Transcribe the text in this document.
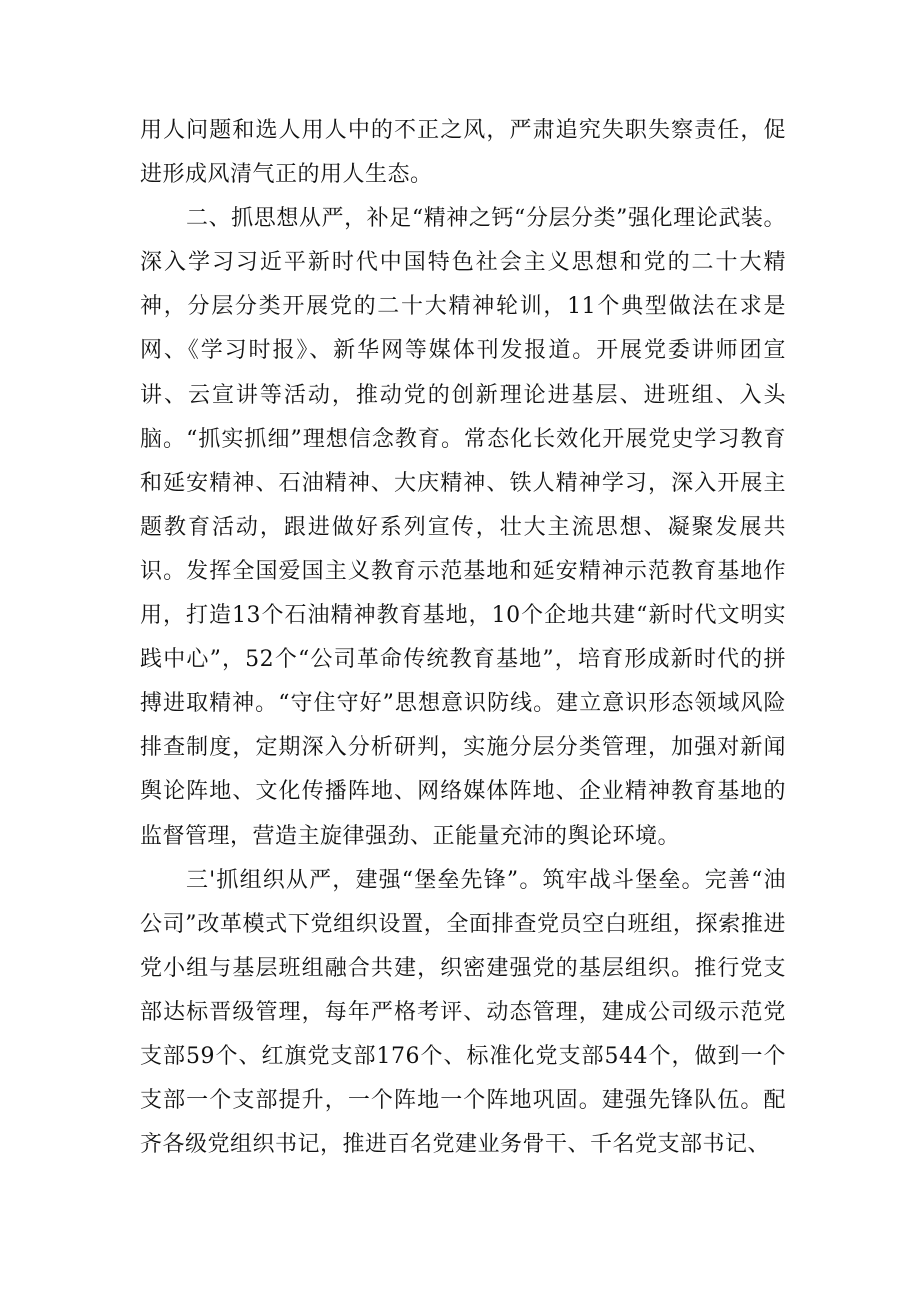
用人问题和选人用人中的不正之风，严肃追究失职失察责任，促进形成风清气正的用人生态。

二、抓思想从严，补足“精神之钙“分层分类”强化理论武装。深入学习习近平新时代中国特色社会主义思想和党的二十大精神，分层分类开展党的二十大精神轮训，11个典型做法在求是网、《学习时报》、新华网等媒体刊发报道。开展党委讲师团宣讲、云宣讲等活动，推动党的创新理论进基层、进班组、入头脑。“抓实抓细”理想信念教育。常态化长效化开展党史学习教育和延安精神、石油精神、大庆精神、铁人精神学习，深入开展主题教育活动，跟进做好系列宣传，壮大主流思想、凝聚发展共识。发挥全国爱国主义教育示范基地和延安精神示范教育基地作用，打造13个石油精神教育基地，10个企地共建“新时代文明实践中心”，52个“公司革命传统教育基地”，培育形成新时代的拼搏进取精神。“守住守好”思想意识防线。建立意识形态领域风险排查制度，定期深入分析研判，实施分层分类管理，加强对新闻舆论阵地、文化传播阵地、网络媒体阵地、企业精神教育基地的监督管理，营造主旋律强劲、正能量充沛的舆论环境。

三'抓组织从严，建强“堡垒先锋”。筑牢战斗堡垒。完善“油公司”改革模式下党组织设置，全面排查党员空白班组，探索推进党小组与基层班组融合共建，织密建强党的基层组织。推行党支部达标晋级管理，每年严格考评、动态管理，建成公司级示范党支部59个、红旗党支部176个、标准化党支部544个，做到一个支部一个支部提升，一个阵地一个阵地巩固。建强先锋队伍。配齐各级党组织书记，推进百名党建业务骨干、千名党支部书记、
